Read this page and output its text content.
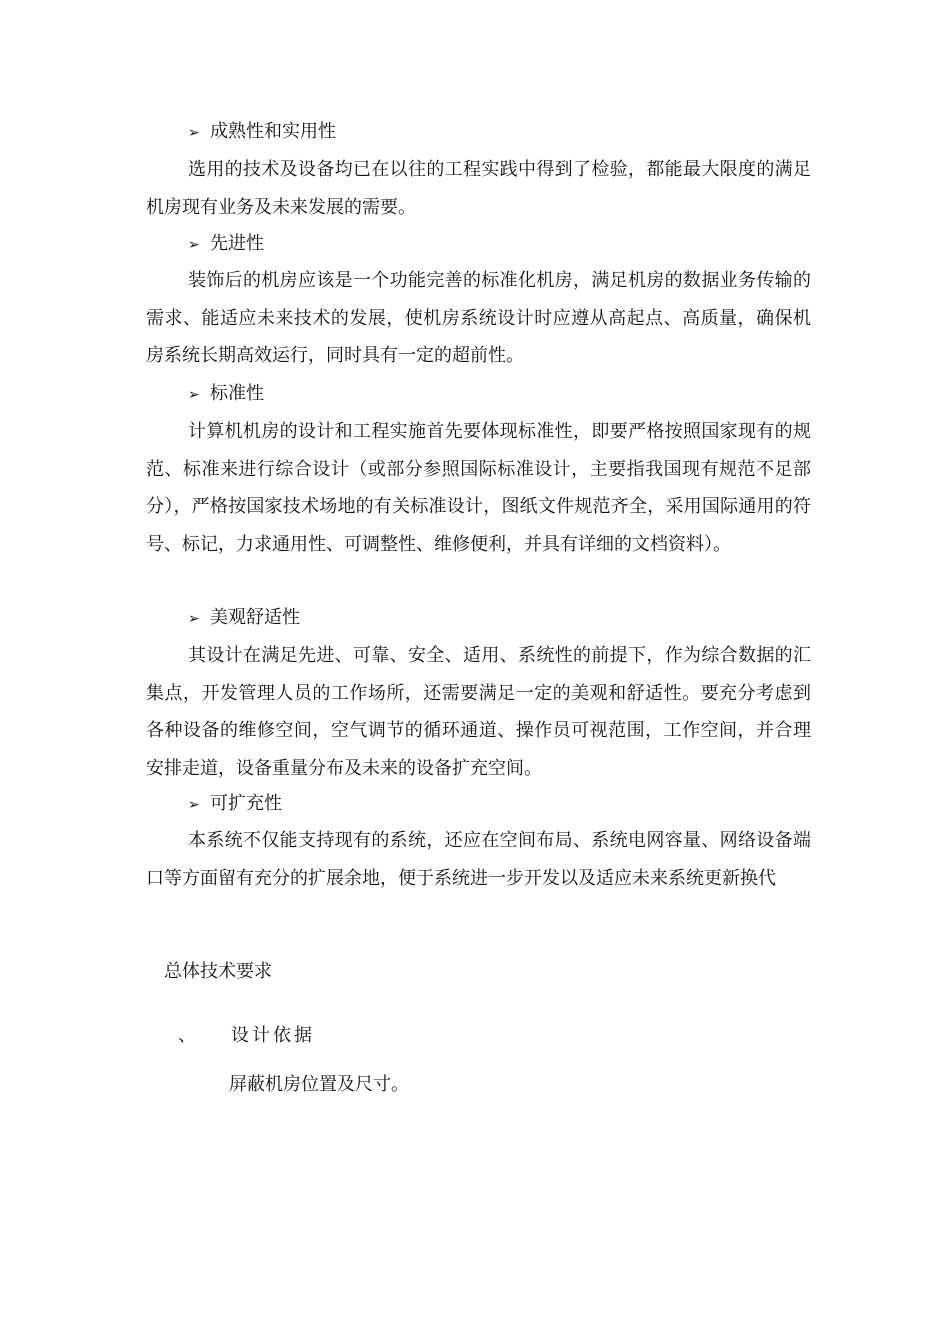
➢ 成熟性和实用性

选用的技术及设备均已在以往的工程实践中得到了检验，都能最大限度的满足机房现有业务及未来发展的需要。

➢ 先进性

装饰后的机房应该是一个功能完善的标准化机房，满足机房的数据业务传输的需求、能适应未来技术的发展，使机房系统设计时应遵从高起点、高质量，确保机房系统长期高效运行，同时具有一定的超前性。

➢ 标准性

计算机机房的设计和工程实施首先要体现标准性，即要严格按照国家现有的规范、标准来进行综合设计（或部分参照国际标准设计，主要指我国现有规范不足部分），严格按国家技术场地的有关标准设计，图纸文件规范齐全，采用国际通用的符号、标记，力求通用性、可调整性、维修便利，并具有详细的文档资料）。

➢ 美观舒适性

其设计在满足先进、可靠、安全、适用、系统性的前提下，作为综合数据的汇集点，开发管理人员的工作场所，还需要满足一定的美观和舒适性。要充分考虑到各种设备的维修空间，空气调节的循环通道、操作员可视范围，工作空间，并合理安排走道，设备重量分布及未来的设备扩充空间。

➢ 可扩充性

本系统不仅能支持现有的系统，还应在空间布局、系统电网容量、网络设备端口等方面留有充分的扩展余地，便于系统进一步开发以及适应未来系统更新换代

总体技术要求
、 设计依据
屏蔽机房位置及尺寸。
